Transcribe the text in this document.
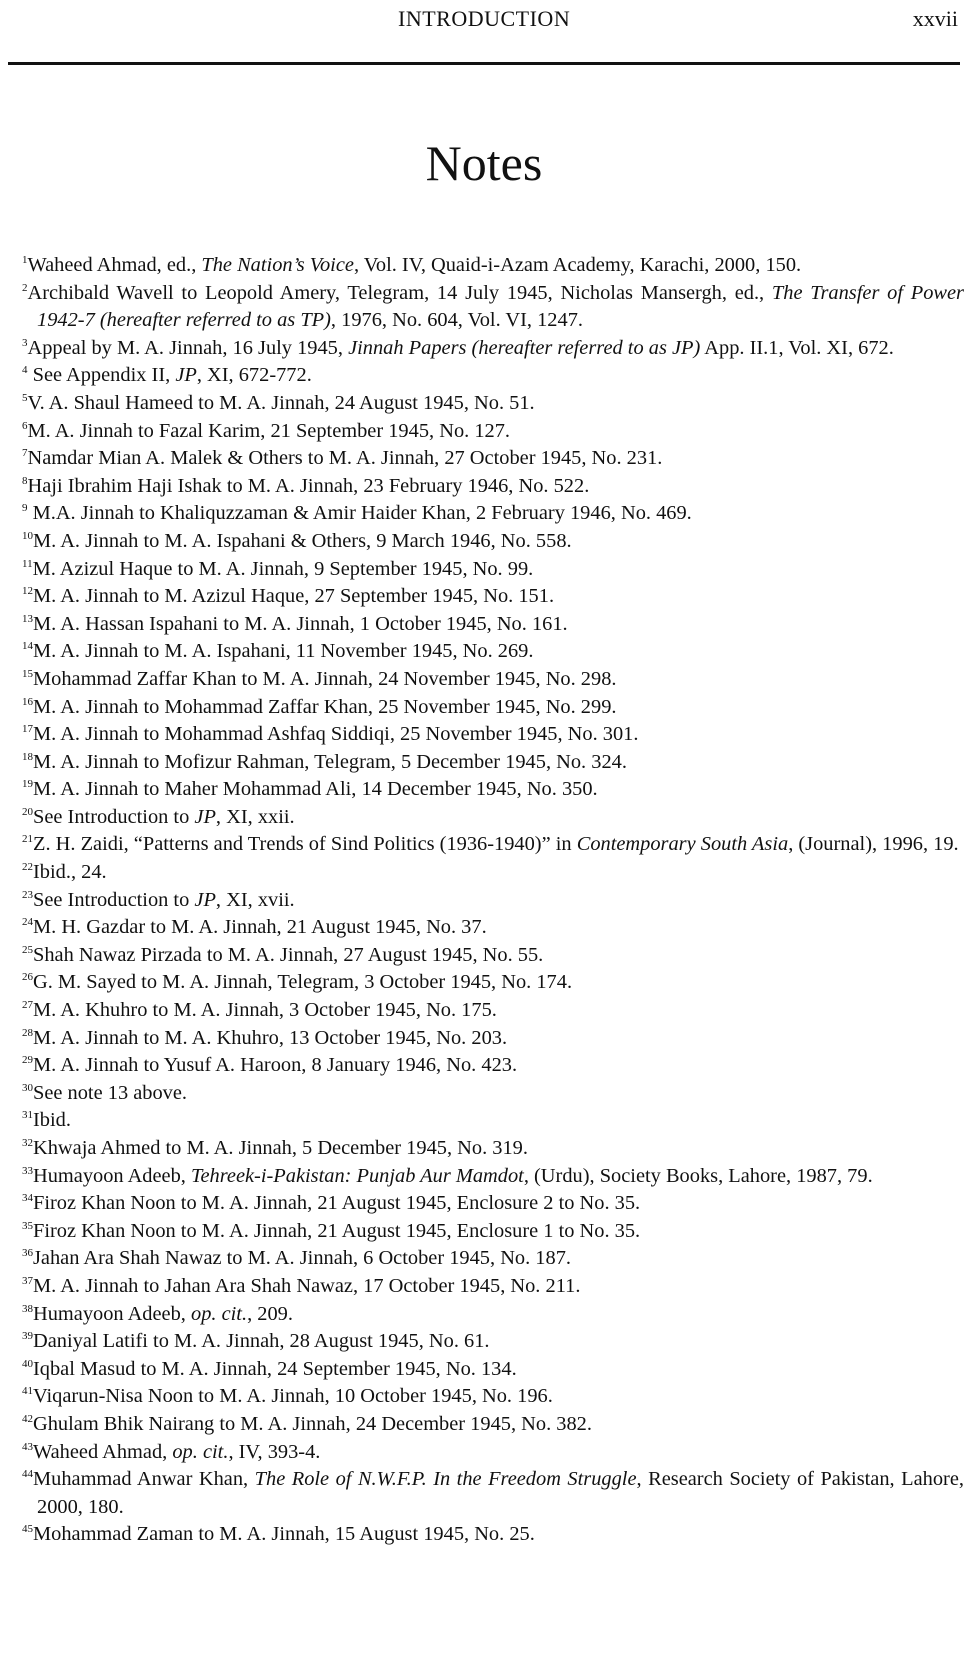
INTRODUCTION	xxvii
Notes
$^1$Waheed Ahmad, ed., The Nation’s Voice, Vol. IV, Quaid-i-Azam Academy, Karachi, 2000, 150.
$^2$Archibald Wavell to Leopold Amery, Telegram, 14 July 1945, Nicholas Mansergh, ed., The Transfer of Power 1942-7 (hereafter referred to as TP), 1976, No. 604, Vol. VI, 1247.
$^3$Appeal by M. A. Jinnah, 16 July 1945, Jinnah Papers (hereafter referred to as JP) App. II.1, Vol. XI, 672.
$^4$ See Appendix II, JP, XI, 672-772.
$^5$V. A. Shaul Hameed to M. A. Jinnah, 24 August 1945, No. 51.
$^6$M. A. Jinnah to Fazal Karim, 21 September 1945, No. 127.
$^7$Namdar Mian A. Malek & Others to M. A. Jinnah, 27 October 1945, No. 231.
$^8$Haji Ibrahim Haji Ishak to M. A. Jinnah, 23 February 1946, No. 522.
$^9$ M.A. Jinnah to Khaliquzzaman & Amir Haider Khan, 2 February 1946, No. 469.
$^{10}$M. A. Jinnah to M. A. Ispahani & Others, 9 March 1946, No. 558.
$^{11}$M. Azizul Haque to M. A. Jinnah, 9 September 1945, No. 99.
$^{12}$M. A. Jinnah to M. Azizul Haque, 27 September 1945, No. 151.
$^{13}$M. A. Hassan Ispahani to M. A. Jinnah, 1 October 1945, No. 161.
$^{14}$M. A. Jinnah to M. A. Ispahani, 11 November 1945, No. 269.
$^{15}$Mohammad Zaffar Khan to M. A. Jinnah, 24 November 1945, No. 298.
$^{16}$M. A. Jinnah to Mohammad Zaffar Khan, 25 November 1945, No. 299.
$^{17}$M. A. Jinnah to Mohammad Ashfaq Siddiqi, 25 November 1945, No. 301.
$^{18}$M. A. Jinnah to Mofizur Rahman, Telegram, 5 December 1945, No. 324.
$^{19}$M. A. Jinnah to Maher Mohammad Ali, 14 December 1945, No. 350.
$^{20}$See Introduction to JP, XI, xxii.
$^{21}$Z. H. Zaidi, “Patterns and Trends of Sind Politics (1936-1940)” in Contemporary South Asia, (Journal), 1996, 19.
$^{22}$Ibid., 24.
$^{23}$See Introduction to JP, XI, xvii.
$^{24}$M. H. Gazdar to M. A. Jinnah, 21 August 1945, No. 37.
$^{25}$Shah Nawaz Pirzada to M. A. Jinnah, 27 August 1945, No. 55.
$^{26}$G. M. Sayed to M. A. Jinnah, Telegram, 3 October 1945, No. 174.
$^{27}$M. A. Khuhro to M. A. Jinnah, 3 October 1945, No. 175.
$^{28}$M. A. Jinnah to M. A. Khuhro, 13 October 1945, No. 203.
$^{29}$M. A. Jinnah to Yusuf A. Haroon, 8 January 1946, No. 423.
$^{30}$See note 13 above.
$^{31}$Ibid.
$^{32}$Khwaja Ahmed to M. A. Jinnah, 5 December 1945, No. 319.
$^{33}$Humayoon Adeeb, Tehreek-i-Pakistan: Punjab Aur Mamdot, (Urdu), Society Books, Lahore, 1987, 79.
$^{34}$Firoz Khan Noon to M. A. Jinnah, 21 August 1945, Enclosure 2 to No. 35.
$^{35}$Firoz Khan Noon to M. A. Jinnah, 21 August 1945, Enclosure 1 to No. 35.
$^{36}$Jahan Ara Shah Nawaz to M. A. Jinnah, 6 October 1945, No. 187.
$^{37}$M. A. Jinnah to Jahan Ara Shah Nawaz, 17 October 1945, No. 211.
$^{38}$Humayoon Adeeb, op. cit., 209.
$^{39}$Daniyal Latifi to M. A. Jinnah, 28 August 1945, No. 61.
$^{40}$Iqbal Masud to M. A. Jinnah, 24 September 1945, No. 134.
$^{41}$Viqarun-Nisa Noon to M. A. Jinnah, 10 October 1945, No. 196.
$^{42}$Ghulam Bhik Nairang to M. A. Jinnah, 24 December 1945, No. 382.
$^{43}$Waheed Ahmad, op. cit., IV, 393-4.
$^{44}$Muhammad Anwar Khan, The Role of N.W.F.P. In the Freedom Struggle, Research Society of Pakistan, Lahore, 2000, 180.
$^{45}$Mohammad Zaman to M. A. Jinnah, 15 August 1945, No. 25.
